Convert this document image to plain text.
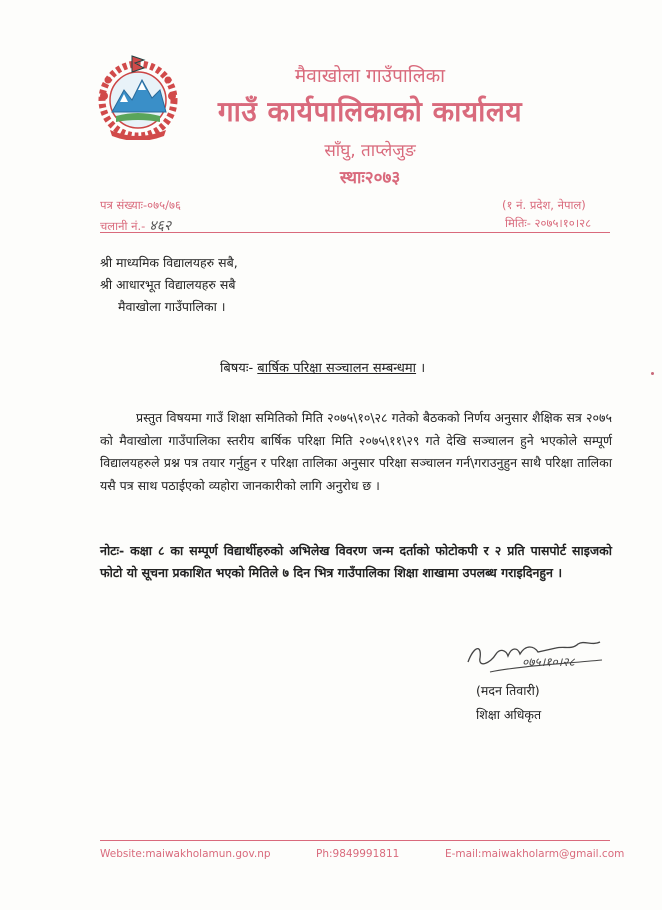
मैवाखोला गाउँपालिका
गाउँ कार्यपालिकाको कार्यालय
साँघु, ताप्लेजुङ
स्थाः२०७३
पत्र संख्याः-०७५/७६
चलानी नं.- ४६२
(१ नं. प्रदेश, नेपाल)
मितिः- २०७५।१०।२८
श्री माध्यमिक विद्यालयहरु सबै,
श्री आधारभूत विद्यालयहरु सबै
मैवाखोला गाउँपालिका ।
बिषयः- बार्षिक परिक्षा सञ्चालन सम्बन्धमा ।
प्रस्तुत विषयमा गाउँ शिक्षा समितिको मिति २०७५\१०\२८ गतेको बैठकको निर्णय अनुसार शैक्षिक सत्र २०७५ को मैवाखोला गाउँपालिका स्तरीय बार्षिक परिक्षा मिति २०७५\११\२९ गते देखि सञ्चालन हुने भएकोले सम्पूर्ण विद्यालयहरुले प्रश्न पत्र तयार गर्नुहुन र परिक्षा तालिका अनुसार परिक्षा सञ्चालन गर्न\गराउनुहुन साथै परिक्षा तालिका यसै पत्र साथ पठाईएको व्यहोरा जानकारीको लागि अनुरोध छ ।
नोटः- कक्षा ८ का सम्पूर्ण विद्यार्थीहरुको अभिलेख विवरण जन्म दर्ताको फोटोकपी र २ प्रति पासपोर्ट साइजको फोटो यो सूचना प्रकाशित भएको मितिले ७ दिन भित्र गाउँपालिका शिक्षा शाखामा उपलब्ध गराइदिनहुन ।
०७५।१०।२८
(मदन तिवारी)
शिक्षा अधिकृत
Website:maiwakholamun.gov.np	Ph:9849991811	E-mail:maiwakholarm@gmail.com
